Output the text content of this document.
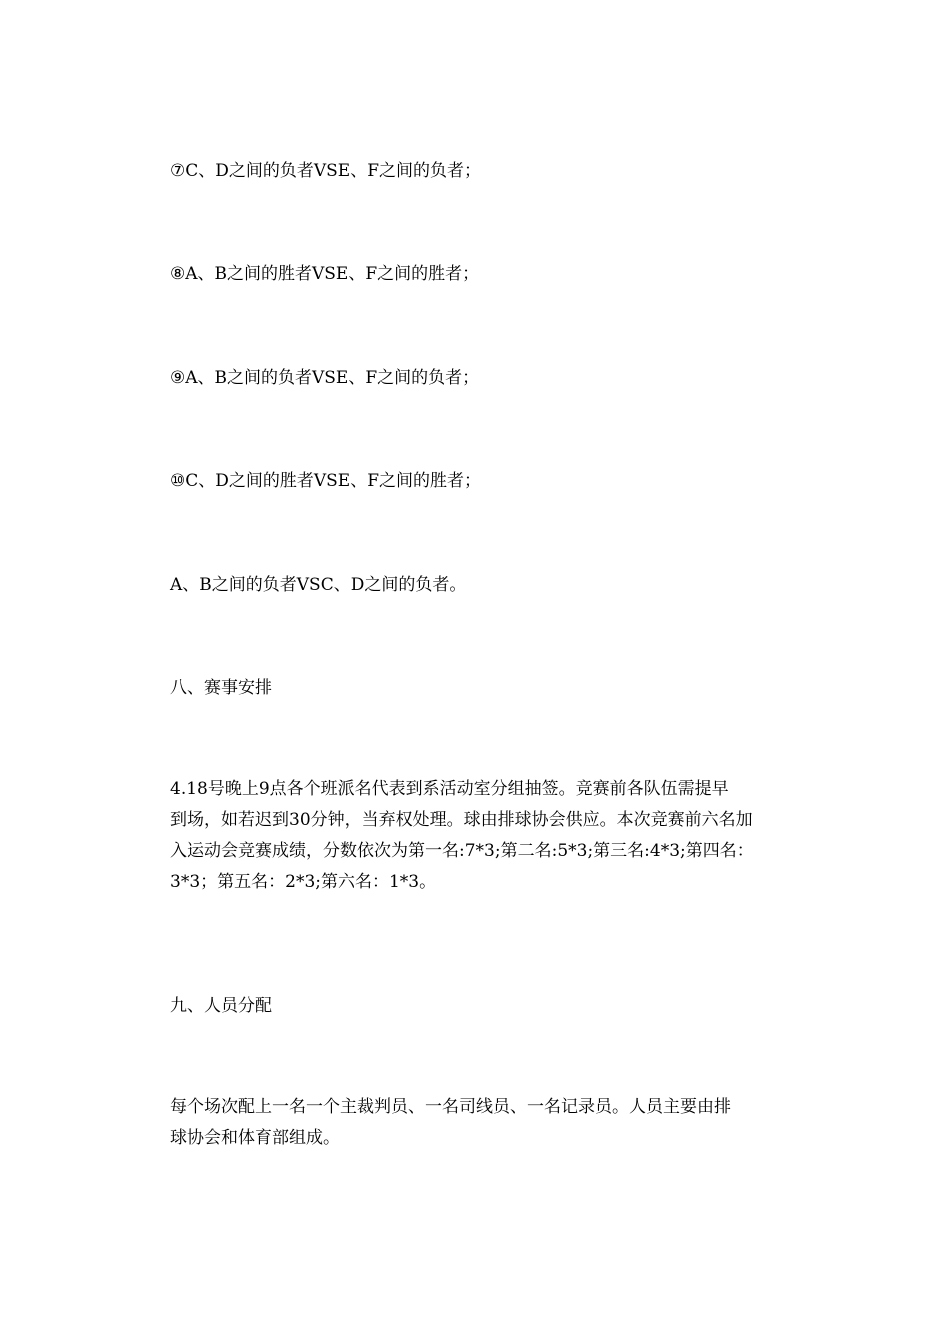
⑦C、D之间的负者VSE、F之间的负者；
⑧A、B之间的胜者VSE、F之间的胜者；
⑨A、B之间的负者VSE、F之间的负者；
⑩C、D之间的胜者VSE、F之间的胜者；
A、B之间的负者VSC、D之间的负者。
八、赛事安排
4.18号晚上9点各个班派名代表到系活动室分组抽签。竞赛前各队伍需提早
到场，如若迟到30分钟，当弃权处理。球由排球协会供应。本次竞赛前六名加
入运动会竞赛成绩，分数依次为第一名:7*3;第二名:5*3;第三名:4*3;第四名：
3*3；第五名：2*3;第六名：1*3。
九、人员分配
每个场次配上一名一个主裁判员、一名司线员、一名记录员。人员主要由排
球协会和体育部组成。
